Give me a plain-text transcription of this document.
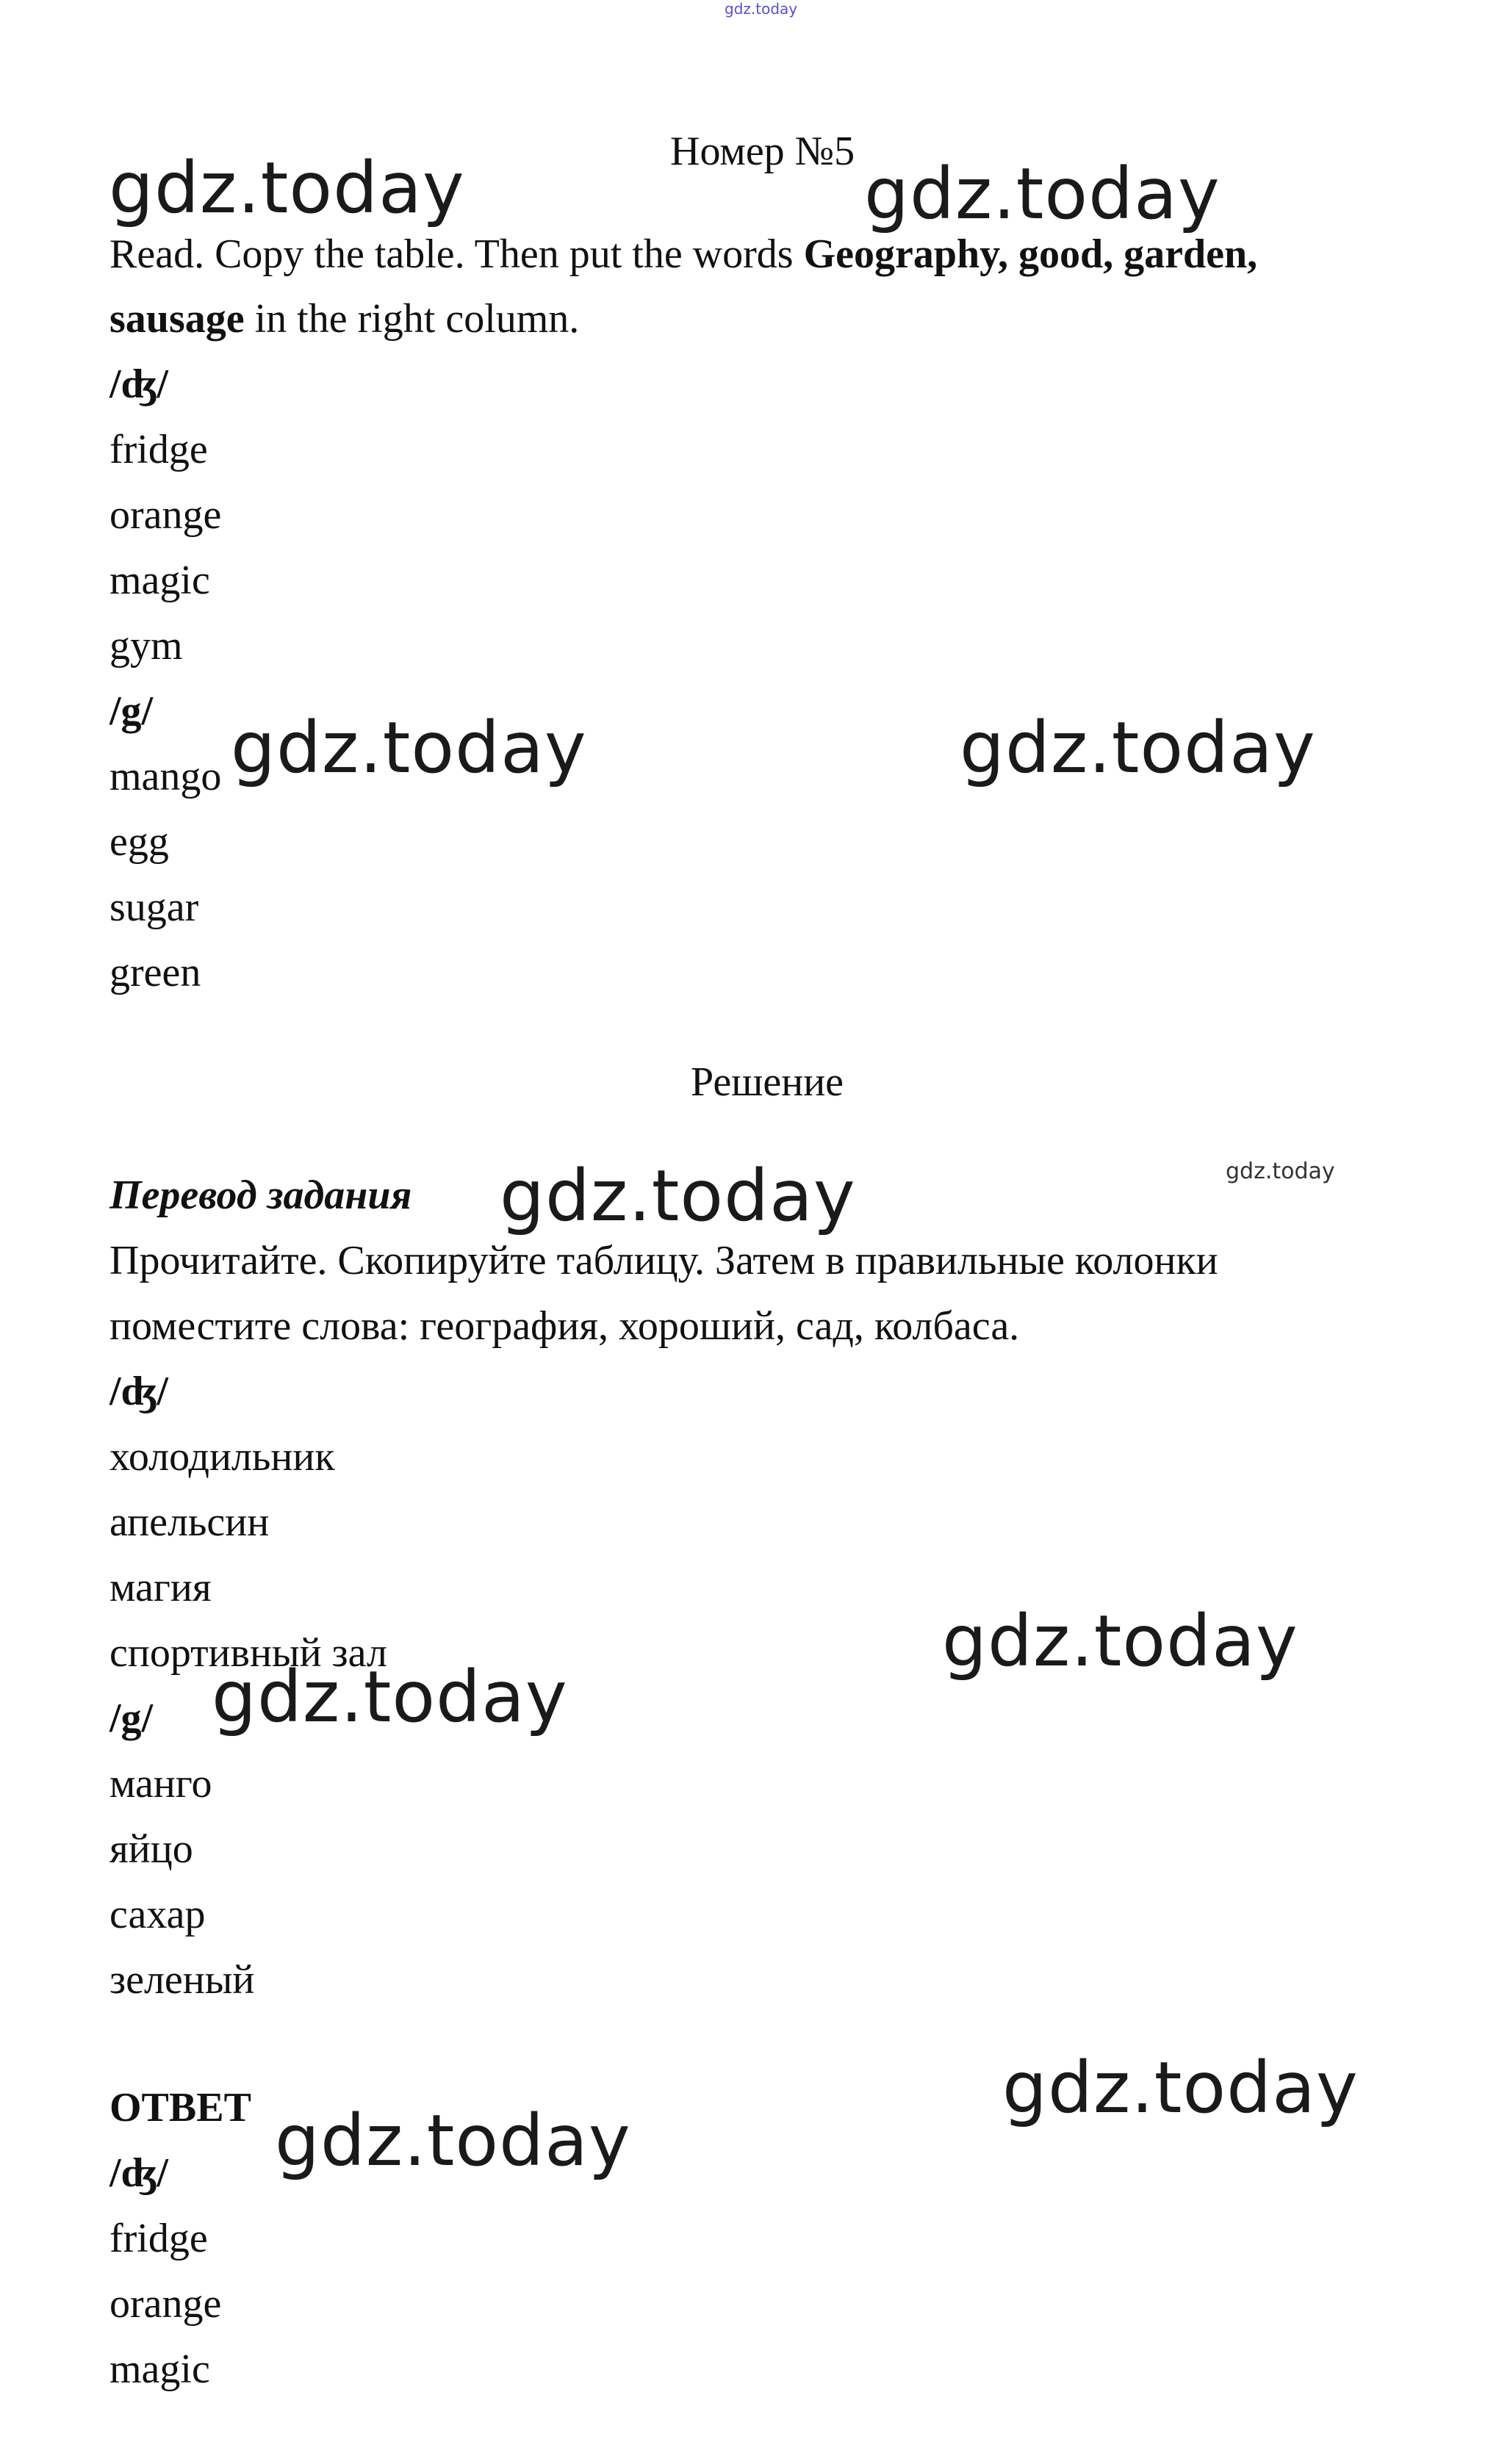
gdz.today
Номер №5
Read. Copy the table. Then put the words Geography, good, garden,
sausage in the right column.
/ʤ/
fridge
orange
magic
gym
/g/
mango
egg
sugar
green
Решение
Перевод задания
Прочитайте. Скопируйте таблицу. Затем в правильные колонки
поместите слова: география, хороший, сад, колбаса.
/ʤ/
холодильник
апельсин
магия
спортивный зал
/g/
манго
яйцо
сахар
зеленый
ОТВЕТ
/ʤ/
fridge
orange
magic
gdz.today	gdz.today
gdz.today	gdz.today
gdz.today
gdz.today
gdz.today
gdz.today
gdz.today
gdz.today
